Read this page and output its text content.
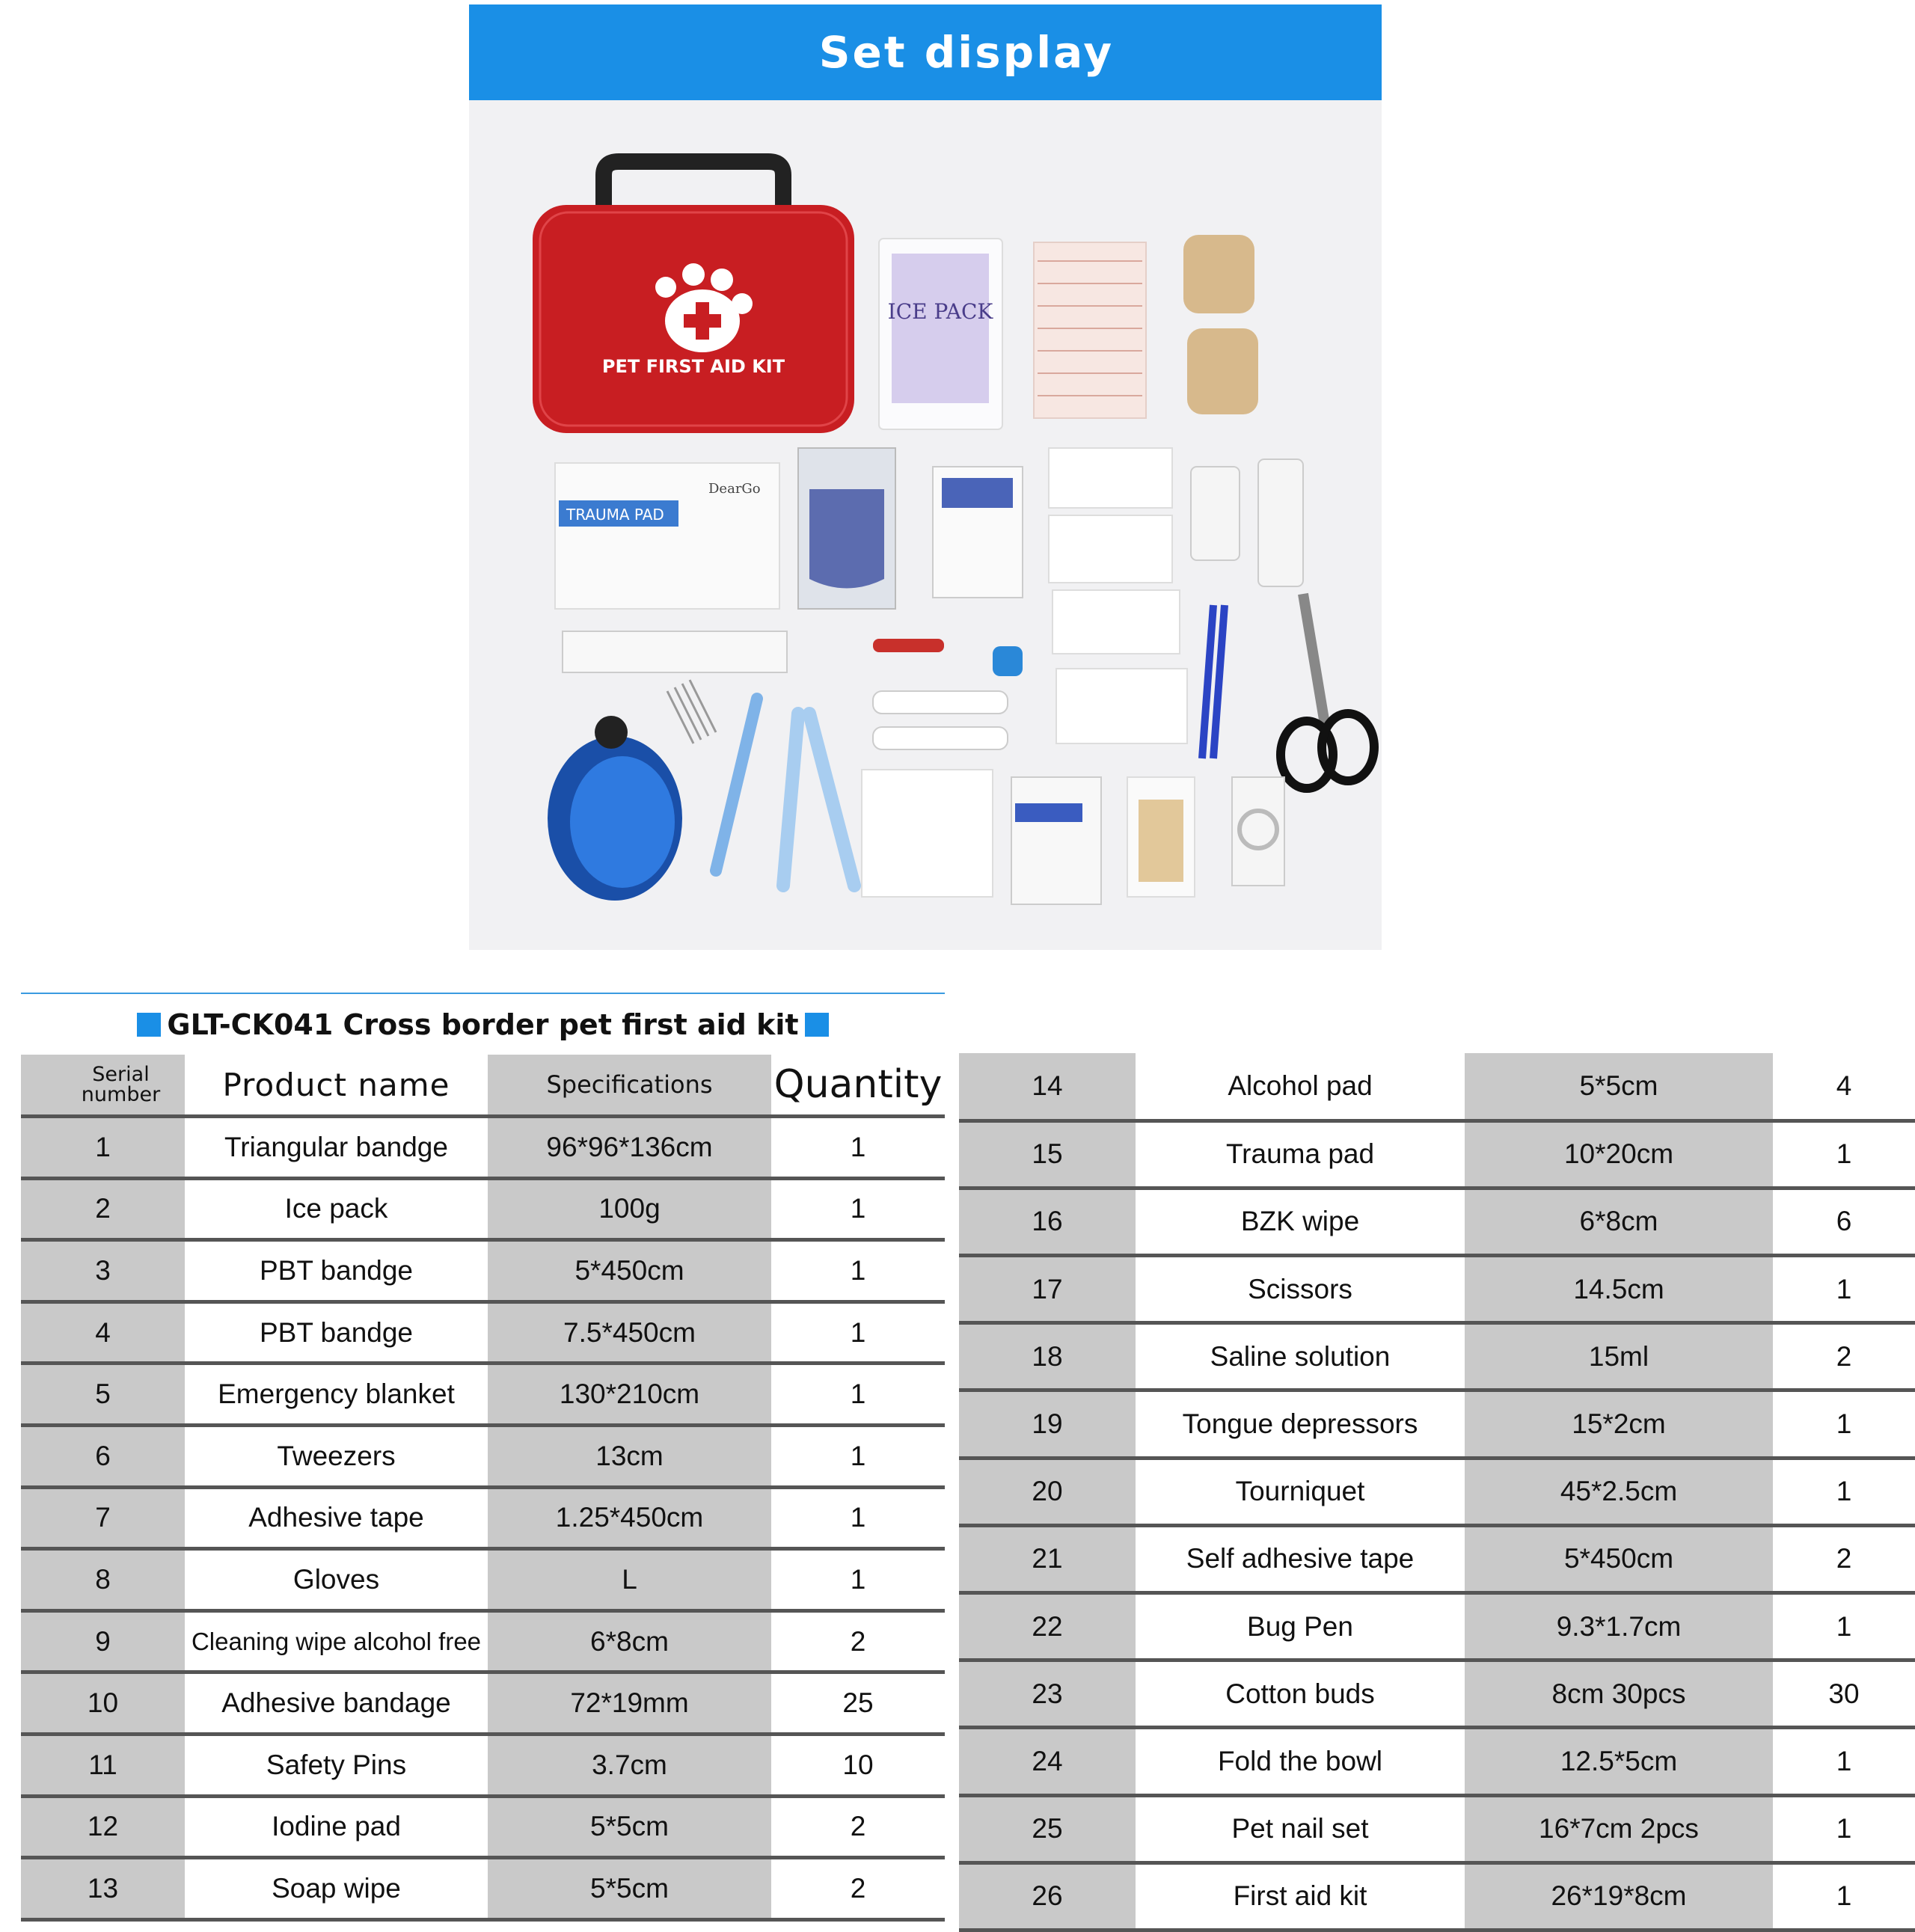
Set display
PET FIRST AID KIT
ICE PACK
TRAUMA PAD
DearGo
GLT-CK041 Cross border pet first aid kit
Serial
number	Product name	Specifications	Quantity
1	Triangular bandge	96*96*136cm	1
2	Ice pack	100g	1
3	PBT bandge	5*450cm	1
4	PBT bandge	7.5*450cm	1
5	Emergency blanket	130*210cm	1
6	Tweezers	13cm	1
7	Adhesive tape	1.25*450cm	1
8	Gloves	L	1
9	Cleaning wipe alcohol free	6*8cm	2
10	Adhesive bandage	72*19mm	25
11	Safety Pins	3.7cm	10
12	Iodine pad	5*5cm	2
13	Soap wipe	5*5cm	2
14	Alcohol pad	5*5cm	4
15	Trauma pad	10*20cm	1
16	BZK wipe	6*8cm	6
17	Scissors	14.5cm	1
18	Saline solution	15ml	2
19	Tongue depressors	15*2cm	1
20	Tourniquet	45*2.5cm	1
21	Self adhesive tape	5*450cm	2
22	Bug Pen	9.3*1.7cm	1
23	Cotton buds	8cm 30pcs	30
24	Fold the bowl	12.5*5cm	1
25	Pet nail set	16*7cm 2pcs	1
26	First aid kit	26*19*8cm	1
